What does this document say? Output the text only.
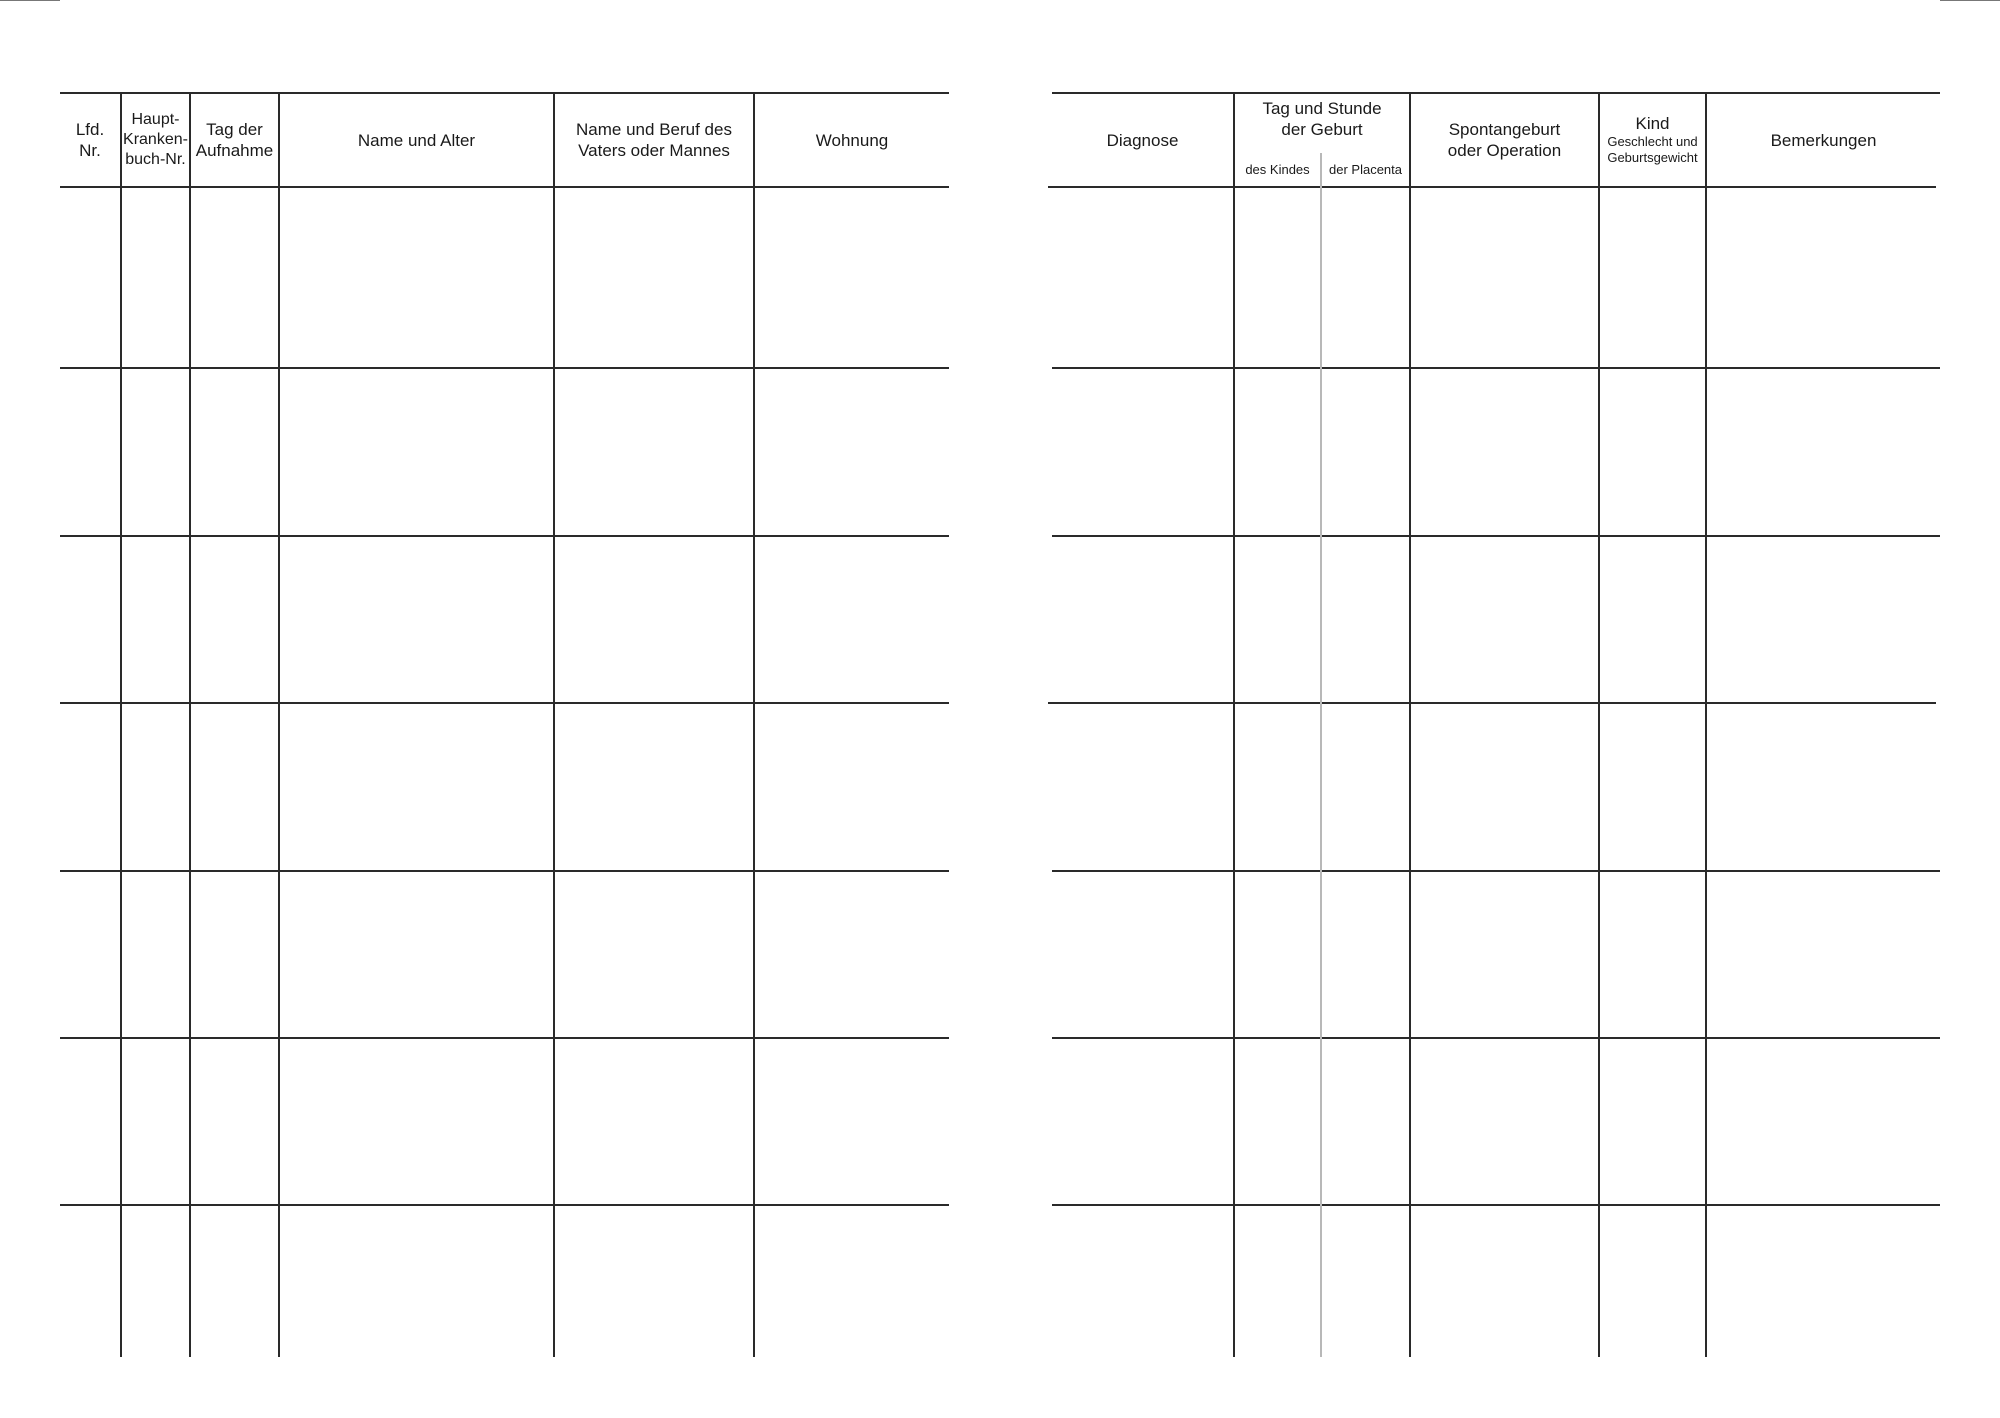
Lfd.
Nr.
Haupt-
Kranken-
buch-Nr.
Tag der
Aufnahme
Name und Alter
Name und Beruf des
Vaters oder Mannes
Wohnung	Diagnose
Tag und Stunde
der Geburt
des Kindes	der Placenta
Spontangeburt
oder Operation
Kind
Geschlecht und
Geburtsgewicht
Bemerkungen
